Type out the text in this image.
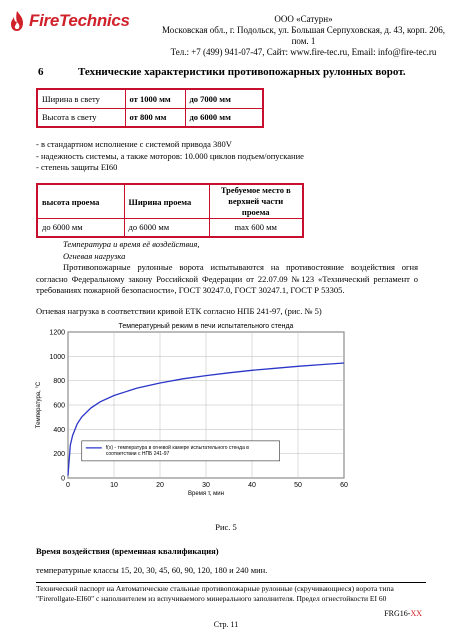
FireTechnics	ООО «Сатурн»
Московская обл., г. Подольск, ул. Большая Серпуховская, д. 43, корп. 206, пом. 1
Тел.: +7 (499) 941-07-47, Сайт: www.fire-tec.ru, Email: info@fire-tec.ru
6	Технические характеристики противопожарных рулонных ворот.
Ширина в свету	от 1000 мм	до 7000 мм
Высота в свету	от 800 мм	до 6000 мм
- в стандартном исполнение с системой привода 380V
- надежность системы, а также моторов: 10.000 циклов подъем/опускание
- степень защиты EI60
высота проема	Ширина проема	Требуемое место в верхней части проема
до 6000 мм	до 6000 мм	max 600 мм
Температура и время её воздействия,
Огневая нагрузка
Противопожарные рулонные ворота испытываются на противостояние воздействия огня согласно Федеральному закону Российской Федерации от 22.07.09 №123 «Технический регламент о требованиях пожарной безопасности», ГОСТ 30247.0, ГОСТ 30247.1, ГОСТ Р 53305.
Огневая нагрузка в соответствии кривой ЕТК согласно НПБ 241-97, (рис. № 5)
Температурный режим в печи испытательного стенда
0
200
400
600
800
1000
1200
0	10	20	30	40	50	60
Время т, мин
Температура, °С
f(x) - температура в огневой камере испытательного стенда в соответствии с НПБ 241-97
Рис. 5
Время воздействия (временная квалификация)
температурные классы 15, 20, 30, 45, 60, 90, 120, 180 и 240 мин.
Технический паспорт на Автоматические стальные противопожарные рулонные (скручивающиеся) ворота типа "Firerollgate-EI60" с наполнителем из вспучиваемого минерального заполнителя. Предел огнестойкости EI 60
FRG16-XX
Стр. 11
